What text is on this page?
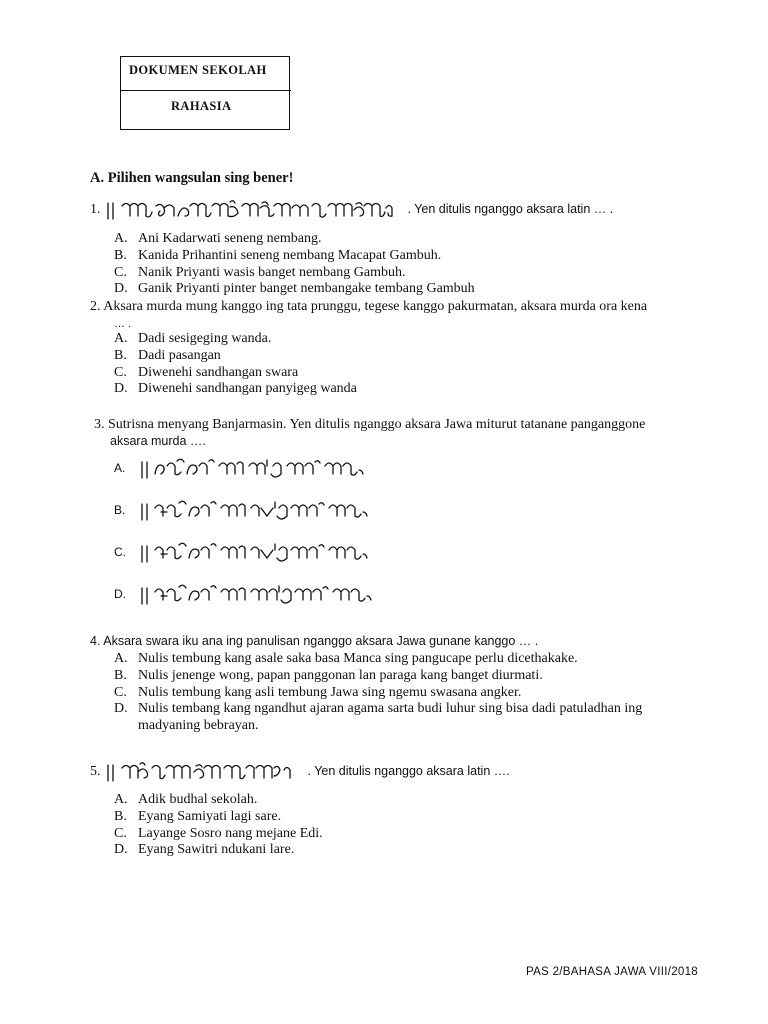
DOKUMEN SEKOLAH
RAHASIA
A. Pilihen wangsulan sing bener!
1.	. Yen ditulis nganggo aksara latin … .
A. Ani Kadarwati seneng nembang.
B. Kanida Prihantini seneng nembang Macapat Gambuh.
C. Nanik Priyanti wasis banget nembang Gambuh.
D. Ganik Priyanti pinter banget nembangake tembang Gambuh
2. Aksara murda mung kanggo ing tata prunggu, tegese kanggo pakurmatan, aksara murda ora kena
… .
A. Dadi sesigeging wanda.
B. Dadi pasangan
C. Diwenehi sandhangan swara
D. Diwenehi sandhangan panyigeg wanda
3. Sutrisna menyang Banjarmasin. Yen ditulis nganggo aksara Jawa miturut tatanane panganggone
aksara murda ….
A.
B.
C.
D.
4. Aksara swara iku ana ing panulisan nganggo aksara Jawa gunane kanggo … .
A. Nulis tembung kang asale saka basa Manca sing pangucape perlu dicethakake.
B. Nulis jenenge wong, papan panggonan lan paraga kang banget diurmati.
C. Nulis tembung kang asli tembung Jawa sing ngemu swasana angker.
D. Nulis tembang kang ngandhut ajaran agama sarta budi luhur sing bisa dadi patuladhan ing
madyaning bebrayan.
5.	. Yen ditulis nganggo aksara latin ….
A. Adik budhal sekolah.
B. Eyang Samiyati lagi sare.
C. Layange Sosro nang mejane Edi.
D. Eyang Sawitri ndukani lare.
PAS 2/BAHASA JAWA VIII/2018
